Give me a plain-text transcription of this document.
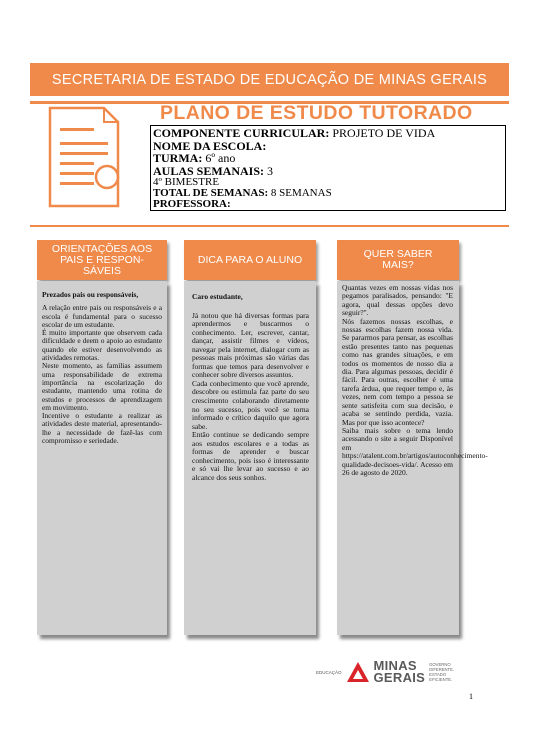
SECRETARIA DE ESTADO DE EDUCAÇÃO DE MINAS GERAIS
PLANO DE ESTUDO TUTORADO
COMPONENTE CURRICULAR: PROJETO DE VIDA
NOME DA ESCOLA:
TURMA: 6º ano
AULAS SEMANAIS: 3
4º BIMESTRE
TOTAL DE SEMANAS: 8 SEMANAS
PROFESSORA:
ORIENTAÇÕES AOS
PAIS E RESPON-
SÁVEIS

Prezados pais ou responsáveis,

A relação entre pais ou responsáveis e a escola é fundamental para o sucesso escolar de um estudante.

É muito importante que observem cada dificuldade e deem o apoio ao estudante quando ele estiver desenvolvendo as atividades remotas.

Neste momento, as famílias assumem uma responsabilidade de extrema importância na escolarização do estudante, mantendo uma rotina de estudos e processos de aprendizagem em movimento.

Incentive o estudante a realizar as atividades deste material, apresentando-lhe a necessidade de fazê-las com compromisso e seriedade.

DICA PARA O ALUNO

Caro estudante,

Já notou que há diversas formas para aprendermos e buscarmos o conhecimento. Ler, escrever, cantar, dançar, assistir filmes e vídeos, navegar pela internet, dialogar com as pessoas mais próximas são várias das formas que temos para desenvolver e conhecer sobre diversos assuntos.

Cada conhecimento que você aprende, descobre ou estimula faz parte do seu crescimento colaborando diretamente no seu sucesso, pois você se torna informado e crítico daquilo que agora sabe.

Então continue se dedicando sempre aos estudos escolares e a todas as formas de aprender e buscar conhecimento, pois isso é interessante e só vai lhe levar ao sucesso e ao alcance dos seus sonhos.

QUER SABER
MAIS?

Quantas vezes em nossas vidas nos pegamos paralisados, pensando: "E agora, qual dessas opções devo seguir?".

Nós fazemos nossas escolhas, e nossas escolhas fazem nossa vida. Se pararmos para pensar, as escolhas estão presentes tanto nas pequenas como nas grandes situações, e em todos os momentos de nosso dia a dia. Para algumas pessoas, decidir é fácil. Para outras, escolher é uma tarefa árdua, que requer tempo e, às vezes, nem com tempo a pessoa se sente satisfeita com sua decisão, e acaba se sentindo perdida, vazia. Mas por que isso acontece?

Saiba mais sobre o tema lendo acessando o site a seguir Disponível em https://atalent.com.br/artigos/autoconhecimento-qualidade-decisoes-vida/. Acesso em 26 de agosto de 2020.

EDUCAÇÃO MINAS
GERAIS
GOVERNO
DIFERENTE.
ESTADO
EFICIENTE.
1
